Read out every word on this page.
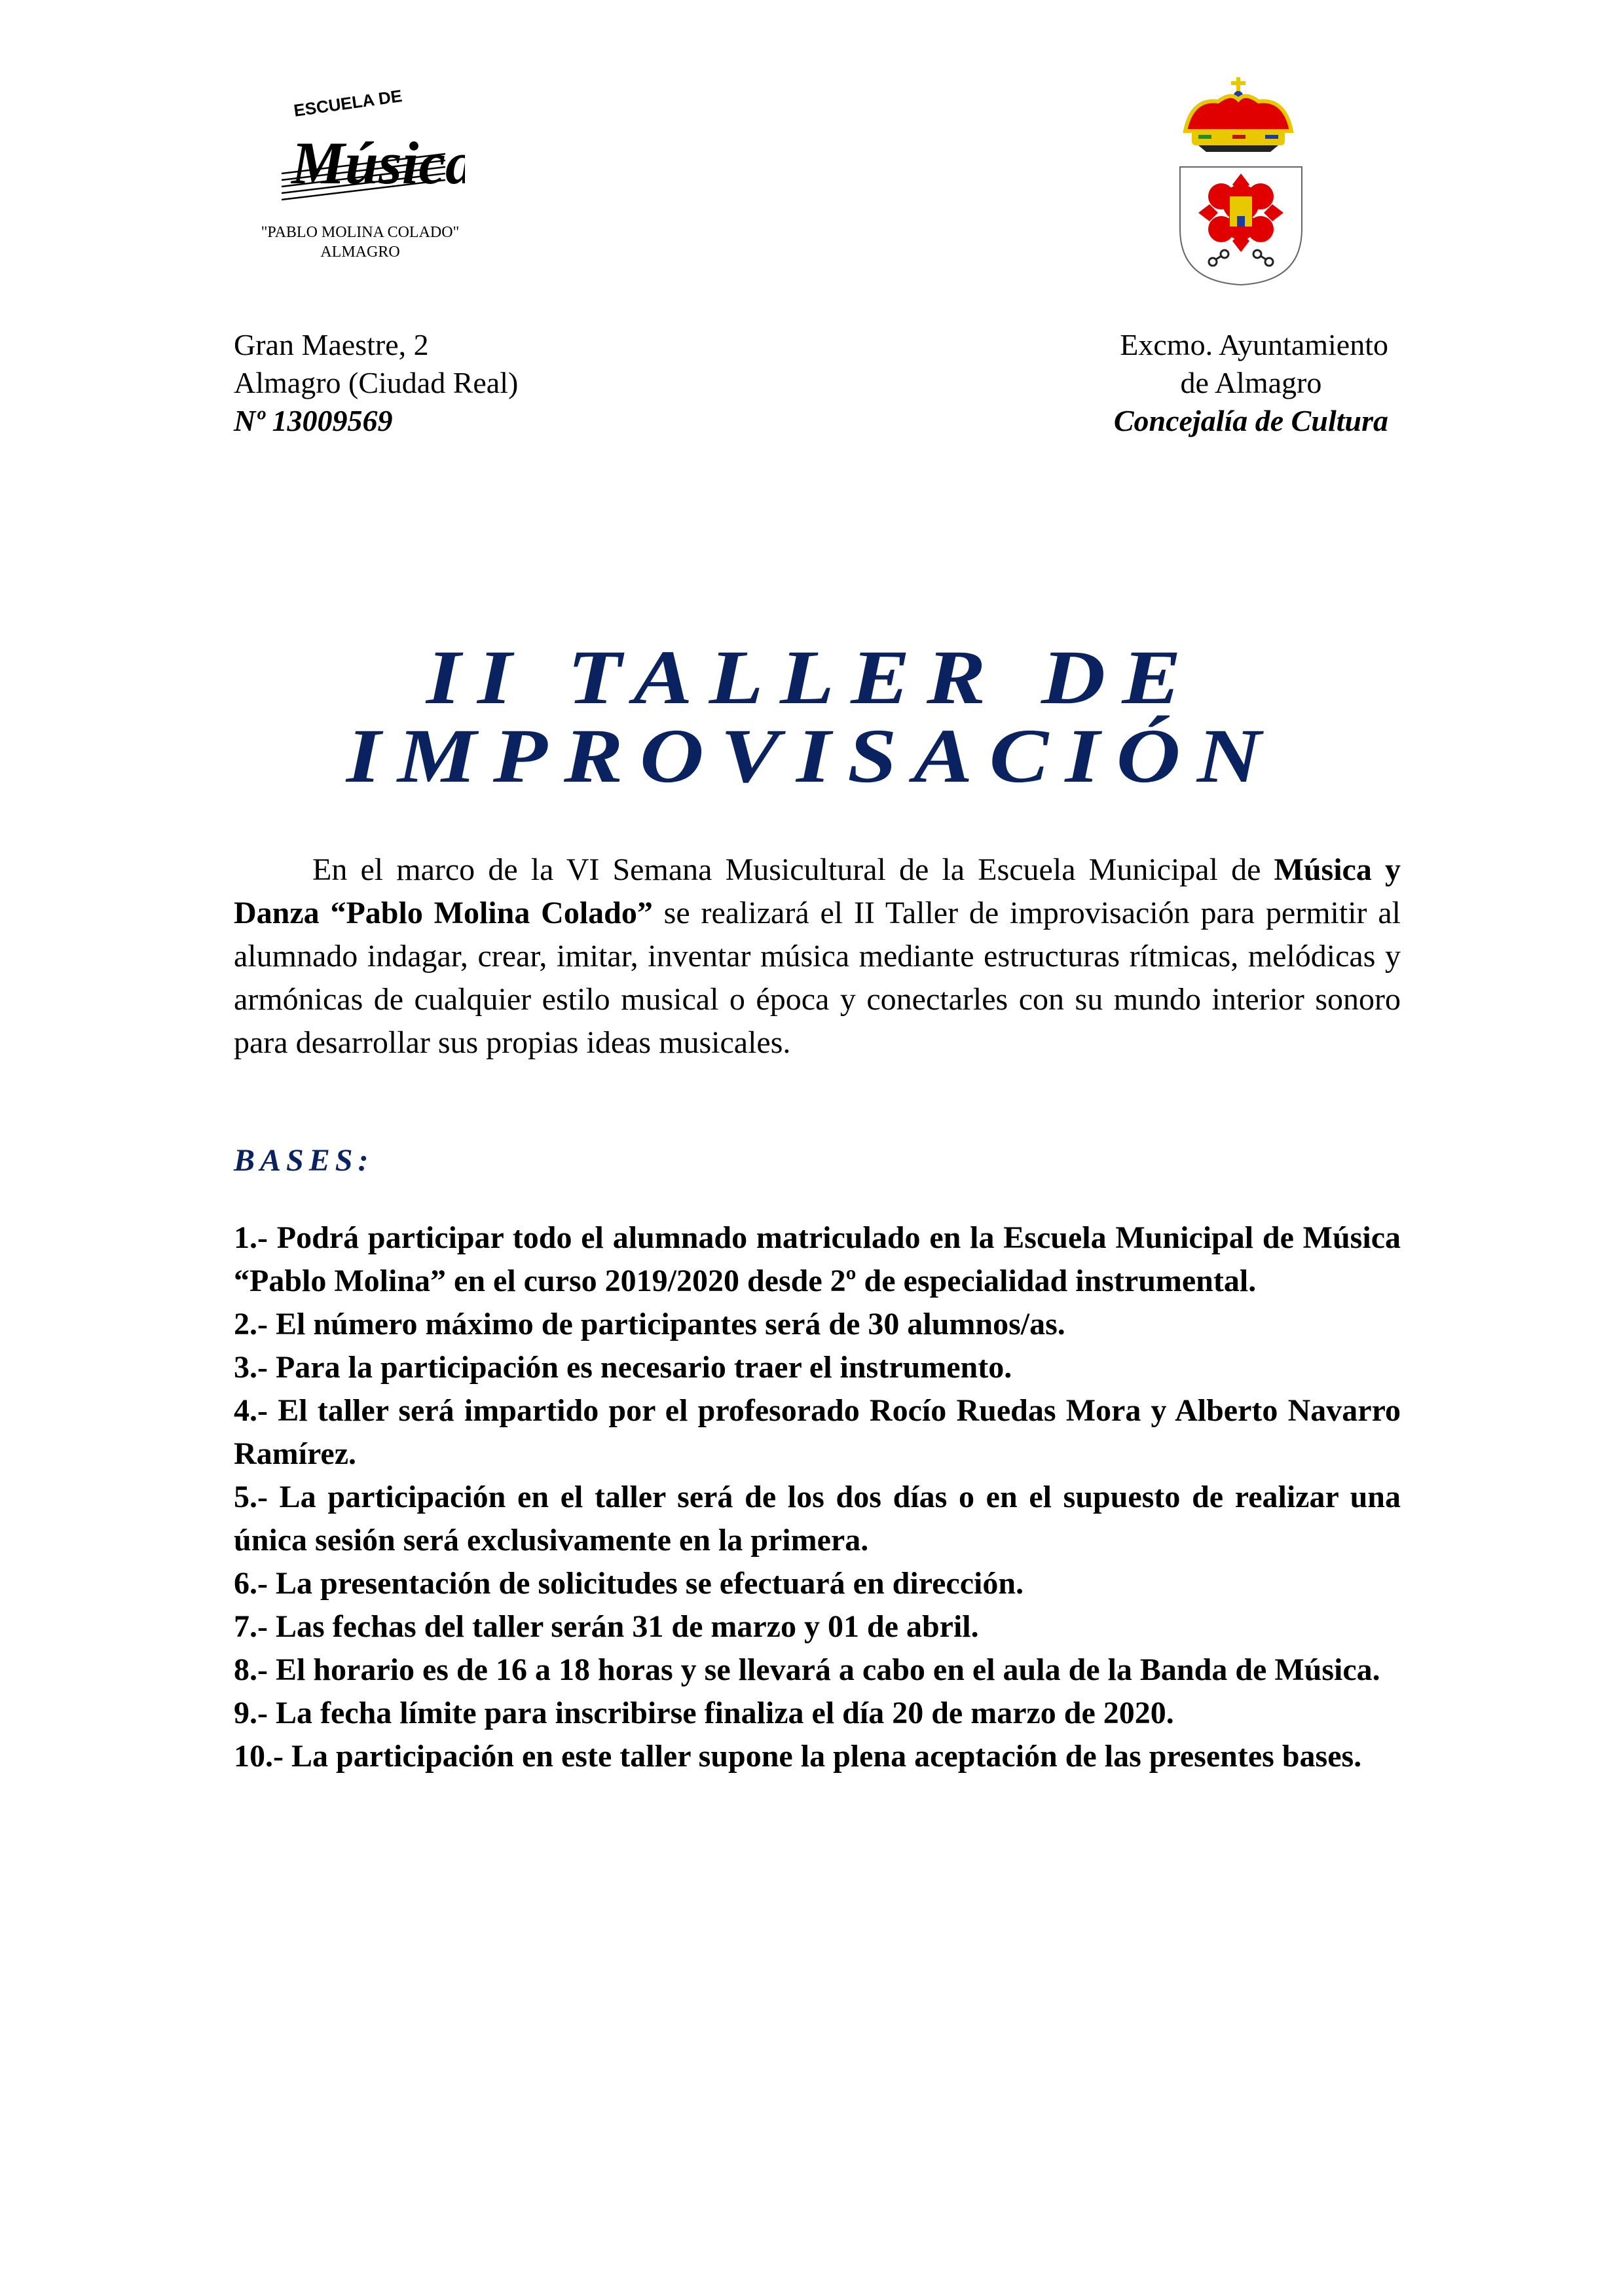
ESCUELA DE
Música
"PABLO MOLINA COLADO"
ALMAGRO
Gran Maestre, 2
Almagro (Ciudad Real)
Nº 13009569
Excmo. Ayuntamiento
de Almagro
Concejalía de Cultura
II TALLER DE
IMPROVISACIÓN

En el marco de la VI Semana Musicultural de la Escuela Municipal de Música y Danza “Pablo Molina Colado” se realizará el II Taller de improvisación para permitir al alumnado indagar, crear, imitar, inventar música mediante estructuras rítmicas, melódicas y armónicas de cualquier estilo musical o época y conectarles con su mundo interior sonoro para desarrollar sus propias ideas musicales.

BASES:
1.- Podrá participar todo el alumnado matriculado en la Escuela Municipal de Música “Pablo Molina” en el curso 2019/2020 desde 2º de especialidad instrumental.
2.- El número máximo de participantes será de 30 alumnos/as.
3.- Para la participación es necesario traer el instrumento.
4.- El taller será impartido por el profesorado Rocío Ruedas Mora y Alberto Navarro Ramírez.
5.- La participación en el taller será de los dos días o en el supuesto de realizar una única sesión será exclusivamente en la primera.
6.- La presentación de solicitudes se efectuará en dirección.
7.- Las fechas del taller serán 31 de marzo y 01 de abril.
8.- El horario es de 16 a 18 horas y se llevará a cabo en el aula de la Banda de Música.
9.- La fecha límite para inscribirse finaliza el día 20 de marzo de 2020.
10.- La participación en este taller supone la plena aceptación de las presentes bases.
